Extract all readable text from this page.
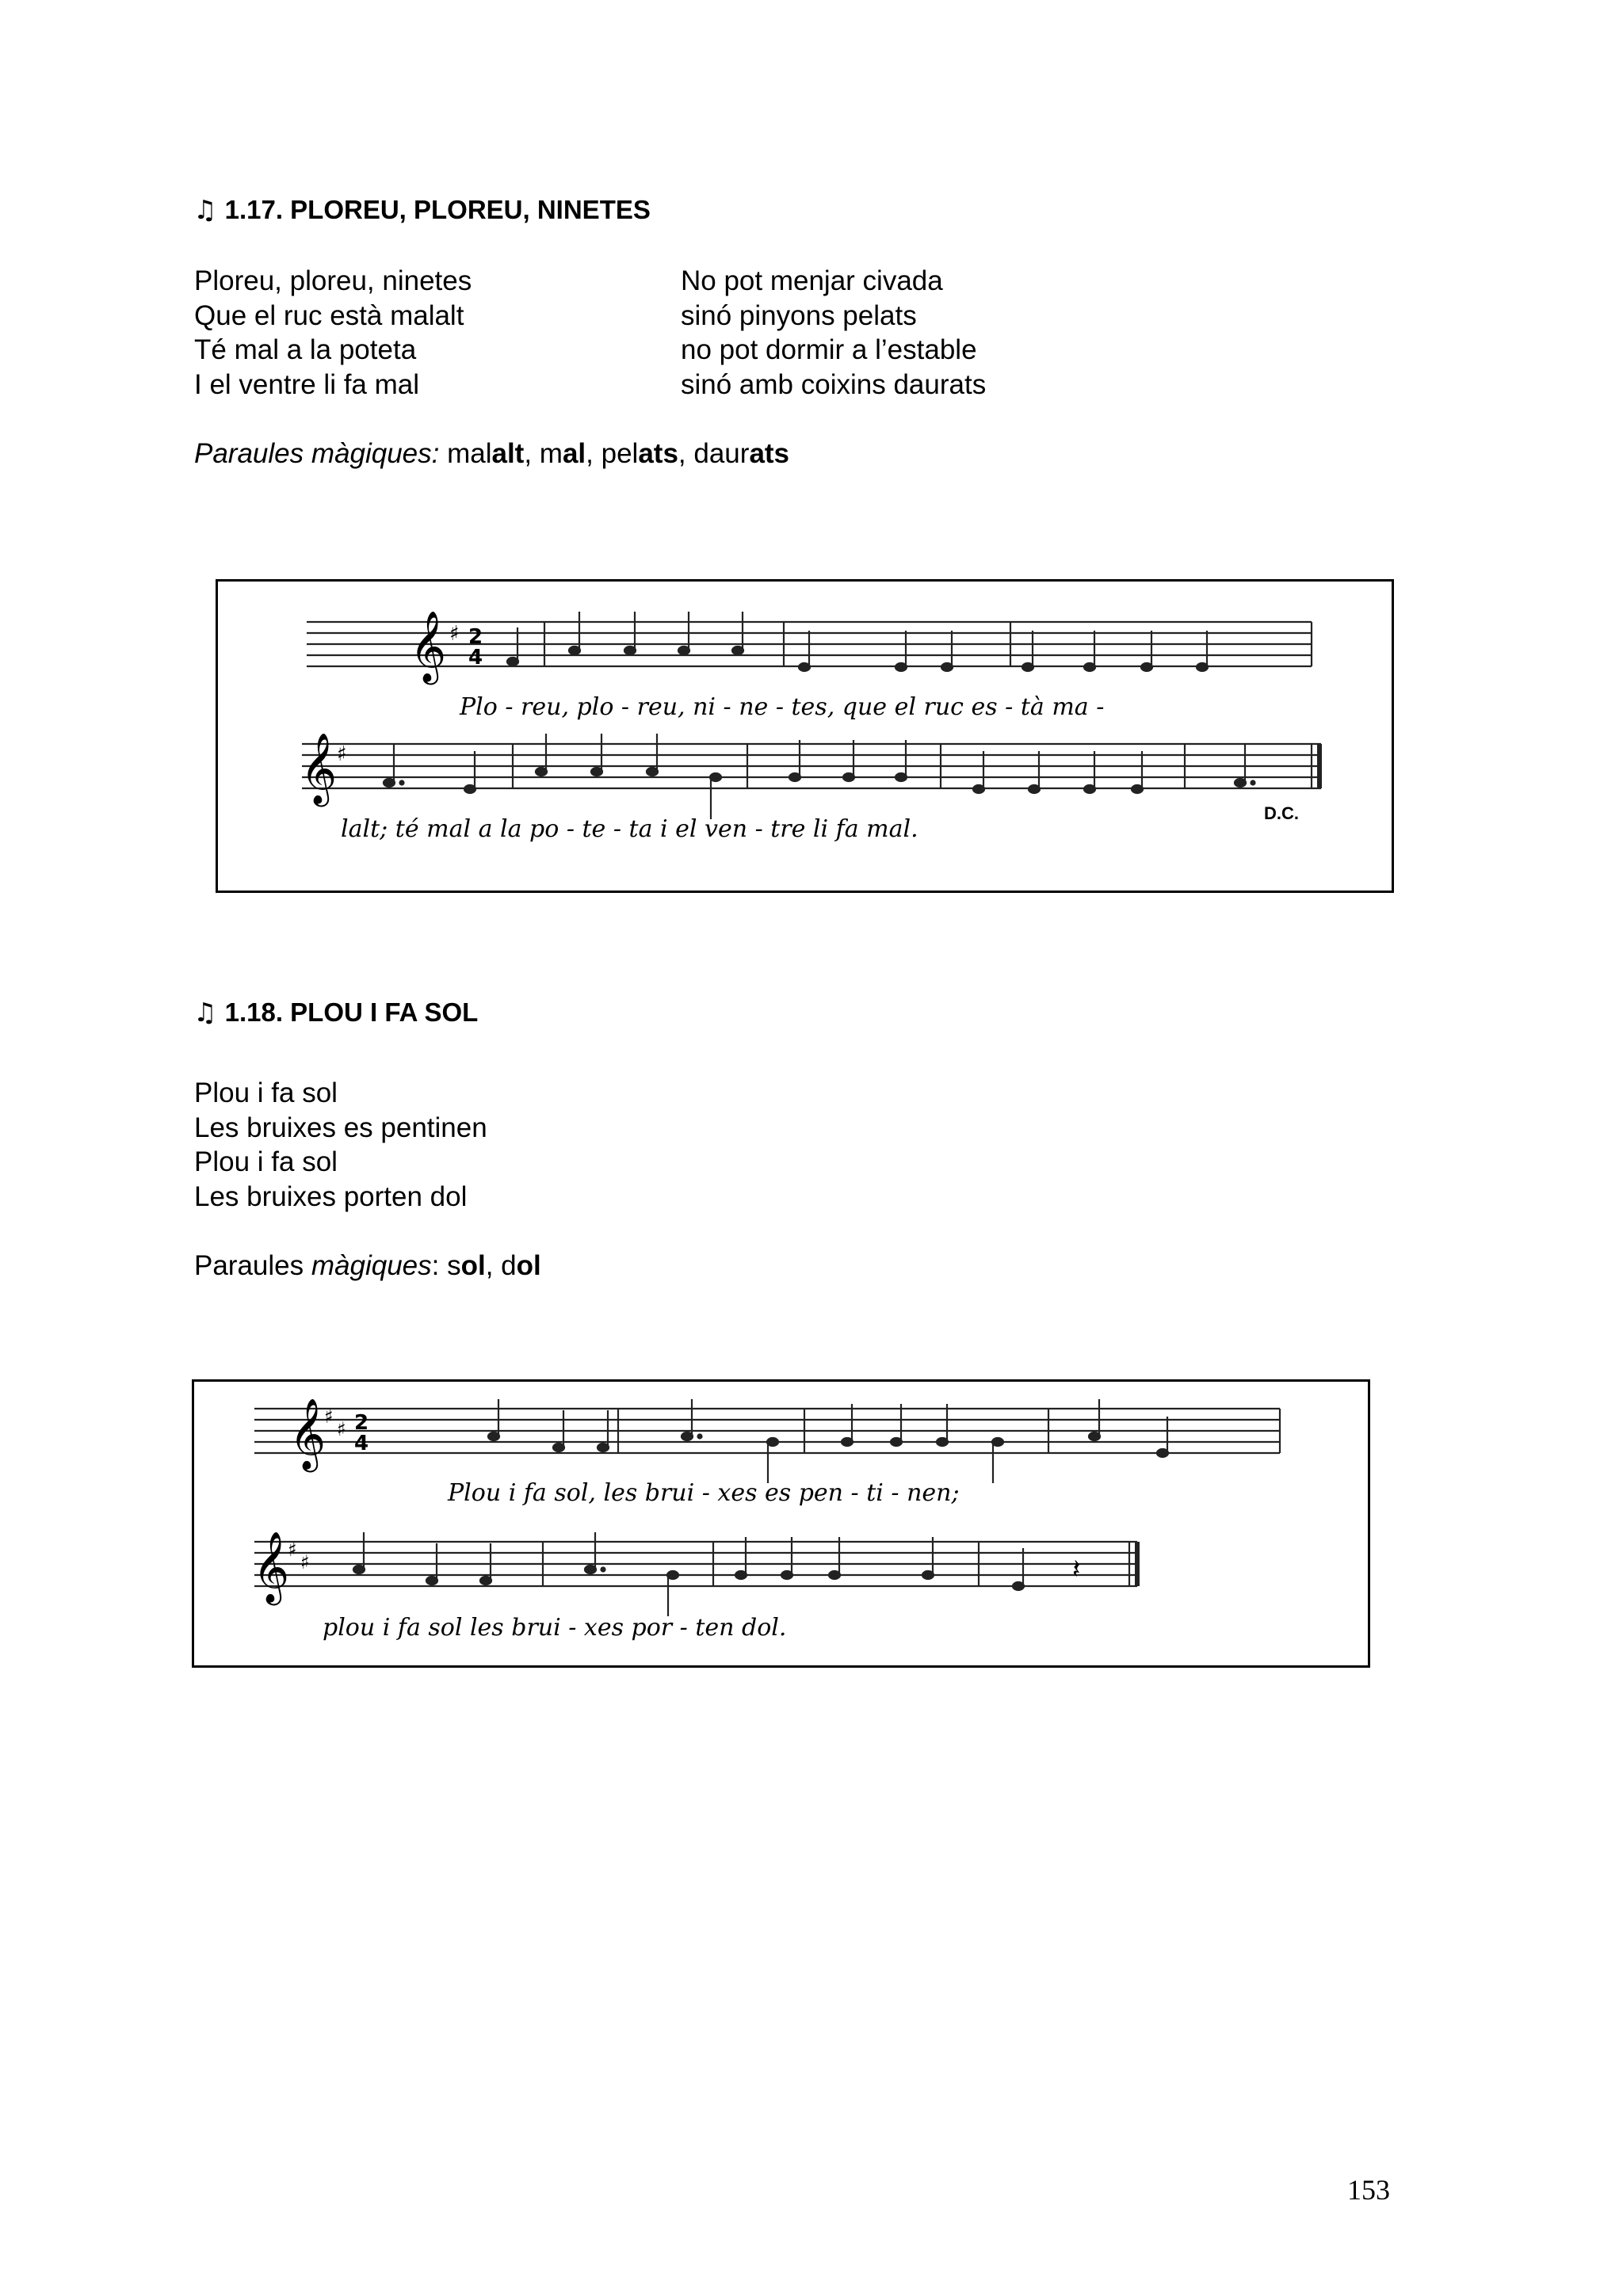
♫ 1.17. PLOREU, PLOREU, NINETES
Ploreu, ploreu, ninetes
Que el ruc està malalt
Té mal a la poteta
I el ventre li fa mal
No pot menjar civada
sinó pinyons pelats
no pot dormir a l’estable
sinó amb coixins daurats
Paraules màgiques: malalt, mal, pelats, daurats
𝄞 ♯ 2
4
Plo - reu, plo - reu, ni - ne - tes, que el ruc es - tà ma -
𝄞 ♯
D.C.
lalt; té mal a la po - te - ta i el ven - tre li fa mal.
♫ 1.18. PLOU I FA SOL
Plou i fa sol
Les bruixes es pentinen
Plou i fa sol
Les bruixes porten dol
Paraules màgiques: sol, dol
𝄞
♯
♯ 2
4
Plou i fa sol, les brui - xes es pen - ti - nen;
𝄞
♯
♯	𝄽
plou i fa sol les brui - xes por - ten dol.
153
